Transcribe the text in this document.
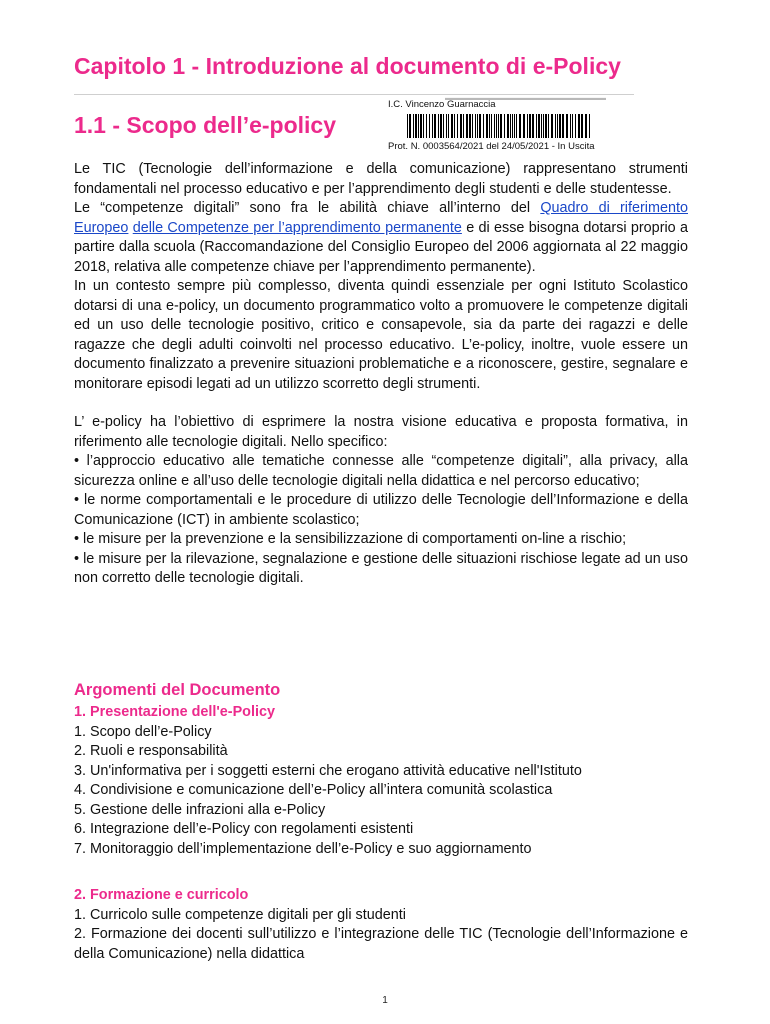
Capitolo 1 - Introduzione al documento di e-Policy
1.1 - Scopo dell’e-policy
▬▬▬▬▬▬▬▬▬▬▬▬▬▬▬▬▬▬▬▬▬▬▬
I.C. Vincenzo Guarnaccia
Prot. N. 0003564/2021 del 24/05/2021 - In Uscita

Le TIC (Tecnologie dell’informazione e della comunicazione) rappresentano strumenti fondamentali nel processo educativo e per l’apprendimento degli studenti e delle studentesse.

Le “competenze digitali” sono fra le abilità chiave all’interno del Quadro di riferimento Europeo delle Competenze per l’apprendimento permanente e di esse bisogna dotarsi proprio a partire dalla scuola (Raccomandazione del Consiglio Europeo del 2006 aggiornata al 22 maggio 2018, relativa alle competenze chiave per l’apprendimento permanente).

In un contesto sempre più complesso, diventa quindi essenziale per ogni Istituto Scolastico dotarsi di una e-policy, un documento programmatico volto a promuovere le competenze digitali ed un uso delle tecnologie positivo, critico e consapevole, sia da parte dei ragazzi e delle ragazze che degli adulti coinvolti nel processo educativo. L’e-policy, inoltre, vuole essere un documento finalizzato a prevenire situazioni problematiche e a riconoscere, gestire, segnalare e monitorare episodi legati ad un utilizzo scorretto degli strumenti.

L’ e-policy ha l’obiettivo di esprimere la nostra visione educativa e proposta formativa, in riferimento alle tecnologie digitali. Nello specifico:

• l’approccio educativo alle tematiche connesse alle “competenze digitali”, alla privacy, alla sicurezza online e all’uso delle tecnologie digitali nella didattica e nel percorso educativo;

• le norme comportamentali e le procedure di utilizzo delle Tecnologie dell’Informazione e della Comunicazione (ICT) in ambiente scolastico;

• le misure per la prevenzione e la sensibilizzazione di comportamenti on-line a rischio;

• le misure per la rilevazione, segnalazione e gestione delle situazioni rischiose legate ad un uso non corretto delle tecnologie digitali.

Argomenti del Documento
1. Presentazione dell'e-Policy
1. Scopo dell’e-Policy
2. Ruoli e responsabilità
3. Un'informativa per i soggetti esterni che erogano attività educative nell'Istituto
4. Condivisione e comunicazione dell’e-Policy all’intera comunità scolastica
5. Gestione delle infrazioni alla e-Policy
6. Integrazione dell’e-Policy con regolamenti esistenti
7. Monitoraggio dell’implementazione dell’e-Policy e suo aggiornamento
2. Formazione e curricolo
1. Curricolo sulle competenze digitali per gli studenti
2. Formazione dei docenti sull’utilizzo e l’integrazione delle TIC (Tecnologie dell’Informazione e della Comunicazione) nella didattica
1
